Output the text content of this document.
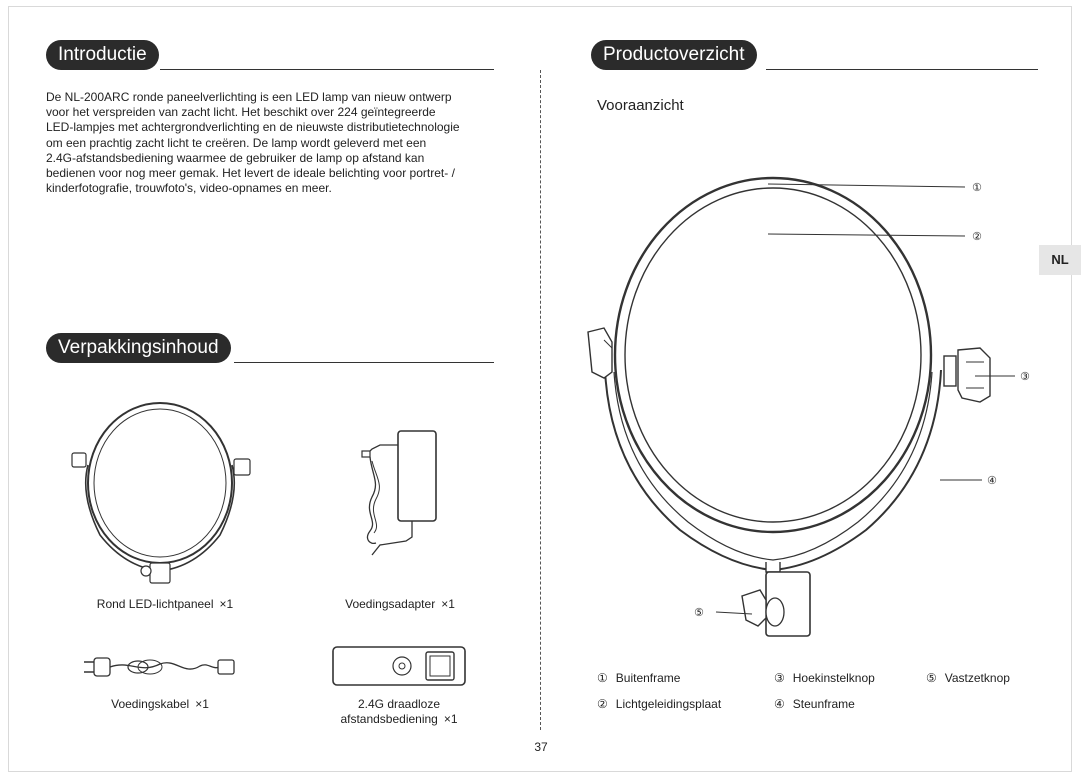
Introductie

De NL-200ARC ronde paneelverlichting is een LED lamp van nieuw ontwerp

voor het verspreiden van zacht licht. Het beschikt over 224 geïntegreerde

LED-lampjes met achtergrondverlichting en de nieuwste distributietechnologie

om een prachtig zacht licht te creëren. De lamp wordt geleverd met een

2.4G-afstandsbediening waarmee de gebruiker de lamp op afstand kan

bedienen voor nog meer gemak. Het levert de ideale belichting voor portret- /

kinderfotografie, trouwfoto's, video-opnames en meer.

Verpakkingsinhoud
Rond LED-lichtpaneel ×1	Voedingsadapter ×1
Voedingskabel ×1	2.4G draadloze
afstandsbediening ×1
Productoverzicht
Vooraanzicht
NL
①
②
③
④
⑤
① Buitenframe
② Lichtgeleidingsplaat
③ Hoekinstelknop
④ Steunframe
⑤ Vastzetknop
37
